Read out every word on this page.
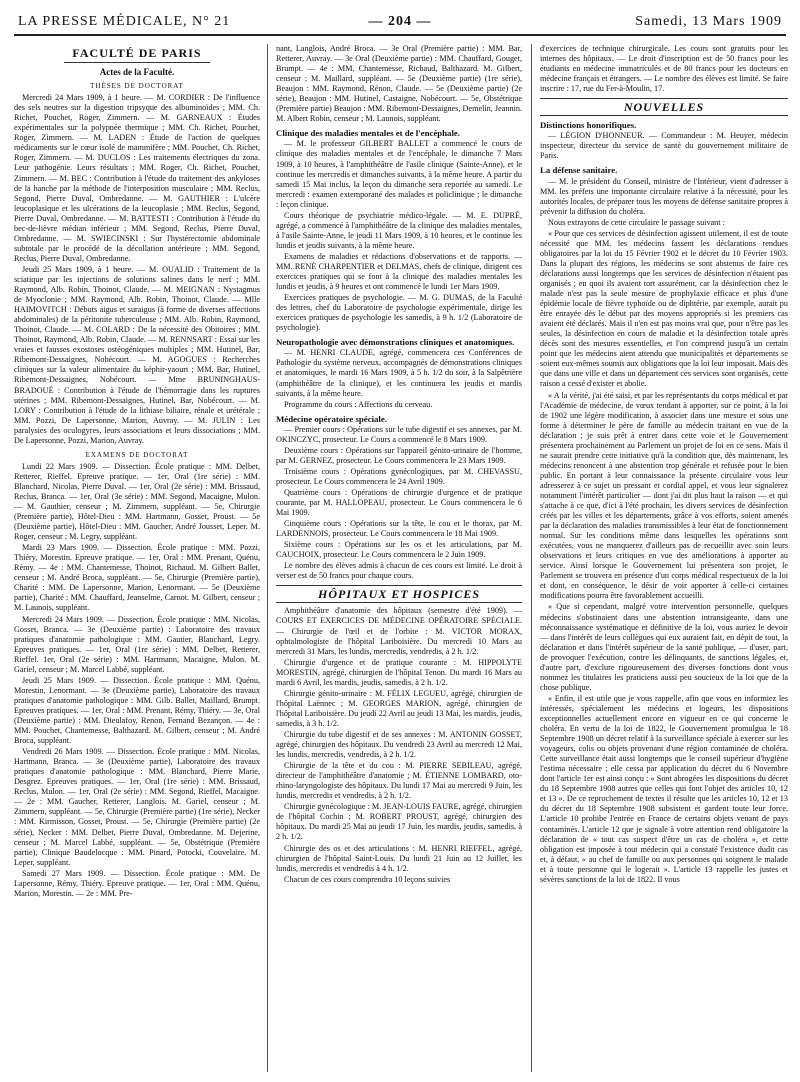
LA PRESSE MÉDICALE, N° 21	— 204 —	Samedi, 13 Mars 1909
FACULTÉ DE PARIS
Actes de la Faculté.
THÈSES DE DOCTORAT

Mercredi 24 Mars 1909, à 1 heure. — M. CORDIER : De l'influence des sels neutres sur la digestion tripsyque des albuminoïdes ; MM. Ch. Richet, Pouchet, Roger, Zimmern. — M. GARNEAUX : Études expérimentales sur la polypnée thermique ; MM. Ch. Richet, Pouchet, Roger, Zimmern. — M. LADEN : Étude de l'action de quelques médicaments sur le cœur isolé de mammifère ; MM. Pouchet, Ch. Richet, Roger, Zimmern. — M. DUCLOS : Les traitements électriques du zona. Leur pathogénie. Leurs résultats ; MM. Roger, Ch. Richet, Pouchet, Zimmern. — M. BEC : Contribution à l'étude du traitement des ankyloses de la hanche par la méthode de l'interposition musculaire ; MM. Reclus, Segond, Pierre Duval, Ombredanne. — M. GAUTHIER : L'ulcère leucoplasique et les ulcérations de la leucoplasie ; MM. Reclus, Segond, Pierre Duval, Ombredanne. — M. BATTESTI : Contribution à l'étude du bec-de-lièvre médian inférieur ; MM. Segond, Reclus, Pierre Duval, Ombredanne. — M. SWIECINSKI : Sur l'hystérectomie abdominale subtotale par le procédé de la décollation antérieure ; MM. Segond, Reclus, Pierre Duval, Ombredanne.

Jeudi 25 Mars 1909, à 1 heure. — M. OUALID : Traitement de la sciatique par les injections de solutions salines dans le nerf ; MM. Raymond, Alb. Robin, Thoinot, Claude. — M. MEIGNAN : Nystagmus de Myoclonie ; MM. Raymond, Alb. Robin, Thoinot, Claude. — Mlle HAIMOVITCH : Débuts aigus et suraigus (à forme de diverses affections abdominales) de la péritonite tuberculeuse ; MM. Alb. Robin, Raymond, Thoinot, Claude. — M. COLARD : De la nécessité des Obitoires ; MM. Thoinot, Raymond, Alb. Robin, Claude. — M. RENNSART : Essai sur les vraies et fausses exostoses ostéogéniques multiples ; MM. Hutinel, Bar, Ribemont-Dessaignes, Nobécourt. — M. AGOGUES : Recherches cliniques sur la valeur alimentaire du képhir-yaourt ; MM. Bar, Hutinel, Ribemont-Dessaignes, Nobécourt. — Mme BRUNINGHAUS-BRADOUÉ : Contribution à l'étude de l'hémorragie dans les ruptures utérines ; MM. Ribemont-Dessaignes, Hutinel, Bar, Nobécourt. — M. LORY : Contribution à l'étude de la lithiase biliaire, rénale et urétérale ; MM. Pozzi, De Lapersonne, Marion, Auvray. — M. JULIN : Les paralysies des oculogyres, leurs associations et leurs dissociations ; MM. De Lapersonne, Pozzi, Marion, Auvray.

EXAMENS DE DOCTORAT

Lundi 22 Mars 1909. — Dissection. École pratique : MM. Delbet, Retterer, Rieffel. Epreuve pratique. — 1er, Oral (1re série) : MM. Blanchard, Nicolas, Pierre Duval. — 1er, Oral (2e série) : MM. Brissaud, Reclus, Branca. — 1er, Oral (3e série) : MM. Segond, Macaigne, Mulon. — M. Gauthier, censeur ; M. Zimmern, suppléant. — 5e, Chirurgie (Première partie), Hôtel-Dieu : MM. Hartmann, Gosset, Proust. — 5e (Deuxième partie), Hôtel-Dieu : MM. Gaucher, André Jousset, Leper. M. Roger, censeur ; M. Legry, suppléant.

Mardi 23 Mars 1909. — Dissection. École pratique : MM. Pozzi, Thiéry, Morestin. Epreuve pratique. — 1er, Oral : MM. Prenant, Quénu, Rémy. — 4e : MM. Chantemesse, Thoinot, Richaud. M. Gilbert Ballet, censeur ; M. André Broca, suppléant. — 5e, Chirurgie (Première partie), Charité : MM. De Lapersonne, Marion, Lenormant. — 5e (Deuxième partie), Charité : MM. Chauffard, Jeanselme, Carnot. M. Gilbert, censeur ; M. Launois, suppléant.

Mercredi 24 Mars 1909. — Dissection. École pratique : MM. Nicolas, Gosset, Branca. — 3e (Deuxième partie) : Laboratoire des travaux pratiques d'anatomie pathologique : MM. Gautier, Blanchard, Legry. Epreuves pratiques. — 1er, Oral (1re série) : MM. Delbet, Retterer, Rieffel. 1er, Oral (2e série) : MM. Hartmann, Macaigne, Mulon. M. Gariel, censeur ; M. Marcel Labbé, suppléant.

Jeudi 25 Mars 1909. — Dissection. École pratique : MM. Quénu, Morestin, Lenormant. — 3e (Deuxième partie), Laboratoire des travaux pratiques d'anatomie pathologique : MM. Gilb. Ballet, Maillard, Brumpt. Epreuves pratiques. — 1er, Oral : MM. Prenant, Rémy, Thiéry. — 3e, Oral (Deuxième partie) : MM. Dieulafoy, Renon, Fernand Bezançon. — 4e : MM. Pouchet, Chantemesse, Balthazard. M. Gilbert, censeur ; M. André Broca, suppléant.

Vendredi 26 Mars 1909. — Dissection. École pratique : MM. Nicolas, Hartmann, Branca. — 3e (Deuxième partie), Laboratoire des travaux pratiques d'anatomie pathologique : MM. Blanchard, Pierre Marie, Desgrez. Epreuves pratiques. — 1er, Oral (1re série) : MM. Brissaud, Reclus, Mulon. — 1er, Oral (2e série) : MM. Segond, Rieffel, Macaigne. — 2e : MM. Gaucher, Retterer, Langlois. M. Gariel, censeur ; M. Zimmern, suppléant. — 5e, Chirurgie (Première partie) (1re série), Necker : MM. Kirmisson, Gosset, Proust. — 5e, Chirurgie (Première partie) (2e série), Necker : MM. Delbet, Pierre Duval, Ombredanne. M. Dejerine, censeur ; M. Marcel Labbé, suppléant. — 5e, Obstétrique (Première partie), Clinique Baudelocque : MM. Pinard, Potocki, Couvelaire. M. Leper, suppléant.

Samedi 27 Mars 1909. — Dissection. École pratique : MM. De Lapersonne, Rémy, Thiéry. Epreuve pratique. — 1er, Oral : MM. Quénu, Marion, Morestin. — 2e : MM. Pre-

nant, Langlois, André Broca. — 3e Oral (Première partie) : MM. Bar, Retterer, Auvray. — 3e Oral (Deuxième partie) : MM. Chauffard, Gouget, Brumpt. — 4e : MM. Chantemesse, Richaud, Balthazard. M. Gilbert, censeur ; M. Maillard, suppléant. — 5e (Deuxième partie) (1re série), Beaujon : MM. Raymond, Rénon, Claude. — 5e (Deuxième partie) (2e série), Beaujon : MM. Hutinel, Castaigne, Nobécourt. — 5e, Obstétrique (Première partie) Beaujon : MM. Ribemont-Dessaignes, Demelin, Jeannin. M. Albert Robin, censeur ; M. Launois, suppléant.

Clinique des maladies mentales et de l'encéphale.

— M. le professeur GILBERT BALLET a commencé le cours de clinique des maladies mentales et de l'encéphale, le dimanche 7 Mars 1909, à 10 heures, à l'amphithéâtre de l'asile clinique (Sainte-Anne), et le continue les mercredis et dimanches suivants, à la même heure. A partir du samedi 15 Mai inclus, la leçon du dimanche sera reportée au samedi. Le mercredi : examen extemporané des malades et policlinique ; le dimanche : leçon clinique.

Cours théorique de psychiatrie médico-légale. — M. E. DUPRÉ, agrégé, a commencé à l'amphithéâtre de la clinique des maladies mentales, à l'asile Sainte-Anne, le jeudi 11 Mars 1909, à 10 heures, et le continue les lundis et jeudis suivants, à la même heure.

Examens de maladies et rédactions d'observations et de rapports. — MM. RENÉ CHARPENTIER et DELMAS, chefs de clinique, dirigent ces exercices pratiques qui se font à la clinique des maladies mentales les lundis et jeudis, à 9 heures et ont commencé le lundi 1er Mars 1909.

Exercices pratiques de psychologie. — M. G. DUMAS, de la Faculté des lettres, chef du Laboratoire de psychologie expérimentale, dirige les exercices pratiques de psychologie les samedis, à 9 h. 1/2 (Laboratoire de psychologie).

Neuropathologie avec démonstrations cliniques et anatomiques.

— M. HENRI CLAUDE, agrégé, commencera ces Conférences de Pathologie du système nerveux, accompagnés de démonstrations cliniques et anatomiques, le mardi 16 Mars 1909, à 5 h. 1/2 du soir, à la Salpêtrière (amphithéâtre de la clinique), et les continuera les jeudis et mardis suivants, à la même heure.

Programme du cours : Affections du cerveau.

Médecine opératoire spéciale.

— Premier cours : Opérations sur le tube digestif et ses annexes, par M. OKINCZYC, prosecteur. Le Cours a commencé le 8 Mars 1909.

Deuxième cours : Opérations sur l'appareil génito-urinaire de l'homme, par M. GERNEZ, prosecteur. Le Cours commencera le 23 Mars 1909.

Troisième cours : Opérations gynécologiques, par M. CHEVASSU, prosecteur. Le Cours commencera le 24 Avril 1909.

Quatrième cours : Opérations de chirurgie d'urgence et de pratique courante, par M. HALLOPEAU, prosecteur. Le Cours commencera le 6 Mai 1909.

Cinquième cours : Opérations sur la tête, le cou et le thorax, par M. LARDENNOIS, prosecteur. Le Cours commencera le 18 Mai 1909.

Sixième cours : Opérations sur les os et les articulations, par M. CAUCHOIX, prosecteur. Le Cours commencera le 2 Juin 1909.

Le nombre des élèves admis à chacun de ces cours est limité. Le droit à verser est de 50 francs pour chaque cours.

HÔPITAUX ET HOSPICES

Amphithéâtre d'anatomie des hôpitaux (semestre d'été 1909). — COURS ET EXERCICES DE MÉDECINE OPÉRATOIRE SPÉCIALE. — Chirurgie de l'œil et de l'orbite : M. VICTOR MORAX, ophtalmologiste de l'hôpital Lariboisière. Du mercredi 10 Mars au mercredi 31 Mars, les lundis, mercredis, vendredis, à 2 h. 1/2.

Chirurgie d'urgence et de pratique courante : M. HIPPOLYTE MORESTIN, agrégé, chirurgien de l'hôpital Tenon. Du mardi 16 Mars au mardi 6 Avril, les mardis, jeudis, samedis, à 2 h. 1/2.

Chirurgie génito-urinaire : M. FÉLIX LEGUEU, agrégé, chirurgien de l'hôpital Laënnec ; M. GEORGES MARION, agrégé, chirurgien de l'hôpital Lariboisière. Du jeudi 22 Avril au jeudi 13 Mai, les mardis, jeudis, samedis, à 3 h. 1/2.

Chirurgie du tube digestif et de ses annexes : M. ANTONIN GOSSET, agrégé, chirurgien des hôpitaux. Du vendredi 23 Avril au mercredi 12 Mai, les lundis, mercredis, vendredis, à 2 h. 1/2.

Chirurgie de la tête et du cou : M. PIERRE SEBILEAU, agrégé, directeur de l'amphithéâtre d'anatomie ; M. ÉTIENNE LOMBARD, oto-rhino-laryngologiste des hôpitaux. Du lundi 17 Mai au mercredi 9 Juin, les lundis, mercredis et vendredis, à 2 h. 1/2.

Chirurgie gynécologique : M. JEAN-LOUIS FAURE, agrégé, chirurgien de l'hôpital Cochin ; M. ROBERT PROUST, agrégé, chirurgien des hôpitaux. Du mardi 25 Mai au jeudi 17 Juin, les mardis, jeudis, samedis, à 2 h. 1/2.

Chirurgie des os et des articulations : M. HENRI RIEFFEL, agrégé, chirurgien de l'hôpital Saint-Louis. Du lundi 21 Juin au 12 Juillet, les lundis, mercredis et vendredis à 4 h. 1/2.

Chacun de ces cours comprendra 10 leçons suivies

d'exercices de technique chirurgicale. Les cours sont gratuits pour les internes des hôpitaux. — Le droit d'inscription est de 50 francs pour les étudiants en médecine immatriculés et de 80 francs pour les docteurs en médecine français et étrangers. — Le nombre des élèves est limité. Se faire inscrire : 17, rue du Fer-à-Moulin, 17.

NOUVELLES
Distinctions honorifiques.

— LÉGION D'HONNEUR. — Commandeur : M. Heuyer, médecin inspecteur, directeur du service de santé du gouvernement militaire de Paris.

La défense sanitaire.

— M. le président du Conseil, ministre de l'Intérieur, vient d'adresser à MM. les préfets une importante circulaire relative à la nécessité, pour les autorités locales, de préparer tous les moyens de défense sanitaire propres à prévenir la diffusion du choléra.

Nous extrayons de cette circulaire le passage suivant :

« Pour que ces services de désinfection agissent utilement, il est de toute nécessité que MM. les médecins fassent les déclarations rendues obligatoires par la loi du 15 Février 1902 et le décret du 10 Février 1903. Dans la plupart des régions, les médecins se sont abstenus de faire ces déclarations aussi longtemps que les services de désinfection n'étaient pas organisés ; en quoi ils avaient tort assurément, car la désinfection chez le malade n'est pas la seule mesure de prophylaxie efficace et plus d'une épidémie locale de fièvre typhoïde ou de diphtérie, par exemple, aurait pu être enrayée dès le début par des moyens appropriés si les premiers cas avaient été déclarés. Mais il n'en est pas moins vrai que, pour n'être pas les seules, la désinfection en cours de maladie et la désinfection totale après décès sont des mesures essentielles, et l'on comprend jusqu'à un certain point que les médecins aient attendu que municipalités et départements se soient eux-mêmes soumis aux obligations que la loi leur imposait. Mais dès que dans une ville et dans un département ces services sont organisés, cette raison a cessé d'exister et abolie.

« A la vérité, j'ai été saisi, et par les représentants du corps médical et par l'Académie de médecine, de vœux tendant à apporter, sur ce point, à la loi de 1902 une légère modification, à associer dans une mesure et sous une forme à déterminer le père de famille au médecin traitant en vue de la déclaration ; je suis prêt à entrer dans cette voie et le Gouvernement présentera prochainement au Parlement un projet de loi en ce sens. Mais il ne saurait prendre cette initiative qu'à la condition que, dès maintenant, les médecins renoncent à une abstention trop générale et refusée pour le bien public. En portant à leur connaissance la présente circulaire vous leur adresserez à ce sujet un pressant et cordial appel, et vous leur signalerez notamment l'intérêt particulier — dont j'ai dit plus haut la raison — et qui s'attache à ce que, d'ici à l'été prochain, les divers services de désinfection créés par les villes et les départements, grâce à vos efforts, soient amenés par la déclaration des maladies transmissibles à leur état de fonctionnement normal. Sur les conditions même dans lesquelles les opérations sont exécutées, vous ne manquerez d'ailleurs pas de recueillir avec soin leurs observations et leurs critiques en vue des améliorations à apporter au service. Ainsi lorsque le Gouvernement lui présentera son projet, le Parlement se trouvera en présence d'un corps médical respectueux de la loi et dont, en conséquence, le désir de voir apporter à celle-ci certaines modifications pourra être favorablement accueilli.

« Que si cependant, malgré votre intervention personnelle, quelques médecins s'obstinaient dans une abstention intransigeante, dans une méconnaissance systématique et définitive de la loi, vous auriez le devoir — dans l'intérêt de leurs collègues qui eux auraient fait, en dépit de tout, la déclaration et dans l'intérêt supérieur de la santé publique, — d'user, part, de provoquer l'exécution, contre les délinquants, de sanctions légales, et, d'autre part, d'exclure rigoureusement des diverses fonctions dont vous nommez les titulaires les praticiens aussi peu soucieux de la loi que de la chose publique.

« Enfin, il est utile que je vous rappelle, afin que vous en informiez les intéressés, spécialement les médecins et logeurs, les dispositions exceptionnelles actuellement encore en vigueur en ce qui concerne le choléra. En vertu de la loi de 1822, le Gouvernement promulgua le 18 Septembre 1908 un décret relatif à la surveillance spéciale à exercer sur les voyageurs, colis ou objets provenant d'une région contaminée de choléra. Cette surveillance était aussi longtemps que le conseil supérieur d'hygiène l'estima nécessaire ; elle cessa par application du décret du 6 Novembre dont l'article 1er est ainsi conçu : « Sont abrogées les dispositions du décret du 18 Septembre 1908 autres que celles qui font l'objet des articles 10, 12 et 13 ». De ce reprochement de textes il résulte que les articles 10, 12 et 13 du décret du 18 Septembre 1908 subsistent et gardent toute leur force. L'article 10 prohibe l'entrée en France de certains objets venant de pays contaminés. L'article 12 que je signale à votre attention rend obligatoire la déclaration de « tout cas suspect d'être un cas de choléra », et cette obligation est imposée à tout médecin qui a constaté l'existence dudit cas et, à défaut, « au chef de famille ou aux personnes qui soignent le malade et à toute personne qui le logerait ». L'article 13 rappelle les justes et sévères sanctions de la loi de 1822. Il vous
